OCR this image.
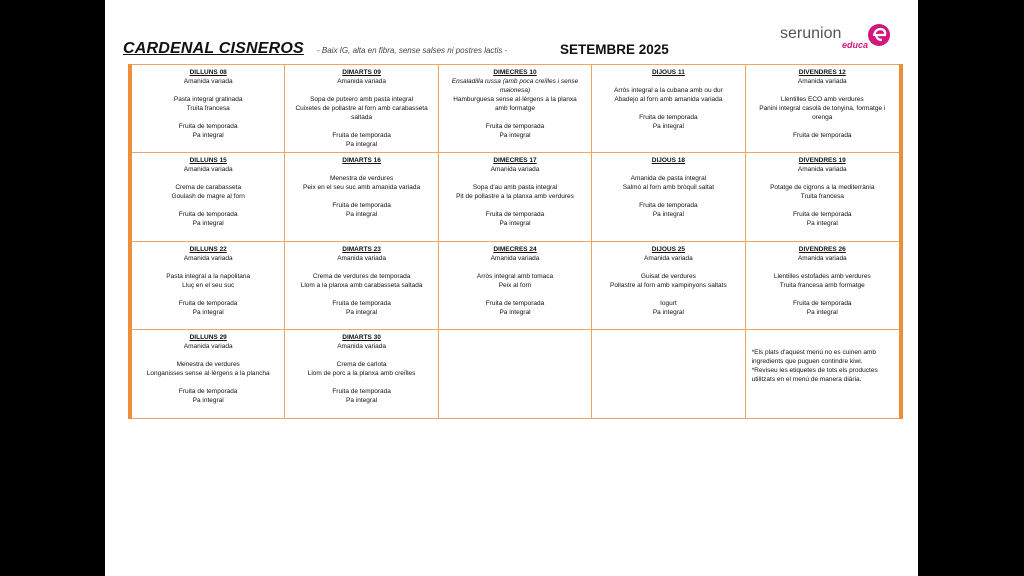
CARDENAL CISNEROS - Baix IG, alta en fibra, sense salses ni postres lactis -	SETEMBRE 2025
serunion
educa
DILLUNS 08
Amanida variada
Pasta integral gratinada
Truita francesa
Fruita de temporada
Pa integral
DIMARTS 09
Amanida variada
Sopa de putxero amb pasta integral
Cuixetes de pollastre al forn amb carabasseta
saltada
Fruita de temporada
Pa integral
DIMECRES 10
Ensaladilla russa (amb poca creïlles i sense
maionesa)
Hamburguesa sense al·lèrgens a la planxa
amb formatge
Fruita de temporada
Pa integral
DIJOUS 11
Arròs integral a la cubana amb ou dur
Abadejo al forn amb amanida variada
Fruita de temporada
Pa integral
DIVENDRES 12
Amanida variada
Llentilles ECO amb verdures
Panini integral casolà de tonyina, formatge i
orenga
Fruita de temporada
DILLUNS 15
Amanida variada
Crema de carabasseta
Goulash de magre al forn
Fruita de temporada
Pa integral
DIMARTS 16
Menestra de verdures
Peix en el seu suc amb amanida variada
Fruita de temporada
Pa integral
DIMECRES 17
Amanida variada
Sopa d'au amb pasta integral
Pit de pollastre a la planxa amb verdures
Fruita de temporada
Pa integral
DIJOUS 18
Amanida de pasta integral
Salmó al forn amb bròquil saltat
Fruita de temporada
Pa integral
DIVENDRES 19
Amanida variada
Potatge de cigrons a la mediterrània
Truita francesa
Fruita de temporada
Pa integral
DILLUNS 22
Amanida variada
Pasta integral a la napolitana
Lluç en el seu suc
Fruita de temporada
Pa integral
DIMARTS 23
Amanida variada
Crema de verdures de temporada
Llom a la planxa amb carabasseta saltada
Fruita de temporada
Pa integral
DIMECRES 24
Amanida variada
Arròs integral amb tomaca
Peix al forn
Fruita de temporada
Pa integral
DIJOUS 25
Amanida variada
Guisat de verdures
Pollastre al forn amb xampinyons saltats
Iogurt
Pa integral
DIVENDRES 26
Amanida variada
Llentilles estofades amb verdures
Truita francesa amb formatge
Fruita de temporada
Pa integral
DILLUNS 29
Amanida variada
Menestra de verdures
Longanisses sense al·lèrgens a la plancha
Fruita de temporada
Pa integral
DIMARTS 30
Amanida variada
Crema de carlota
Llom de porc a la planxa amb creïlles
Fruita de temporada
Pa integral
*Els plats d'aquest menú no es cuinen amb ingredients que puguen contindre kiwi.
*Reviseu les etiquetes de tots els productes utilitzats en el menú de manera diària.
